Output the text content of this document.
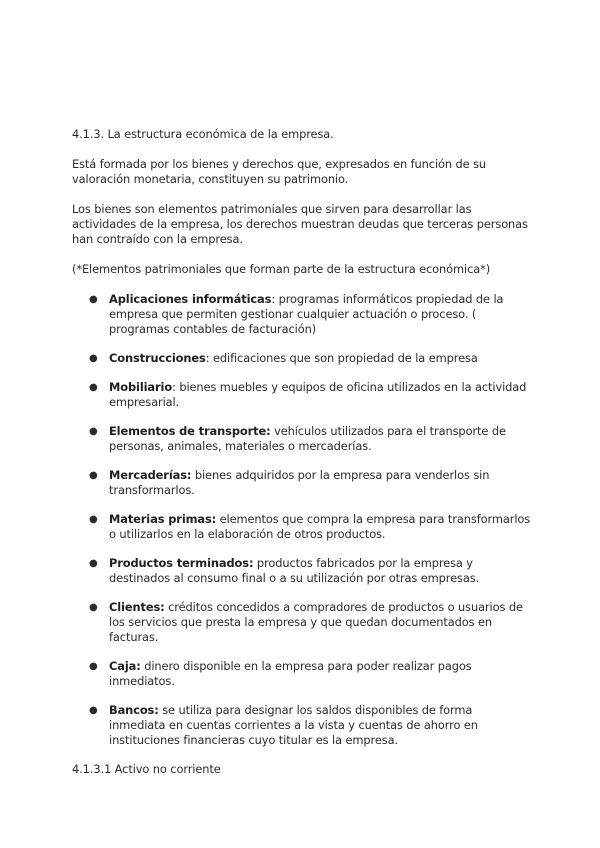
4.1.3. La estructura económica de la empresa.

Está formada por los bienes y derechos que, expresados en función de su valoración monetaria, constituyen su patrimonio.

Los bienes son elementos patrimoniales que sirven para desarrollar las actividades de la empresa, los derechos muestran deudas que terceras personas han contraído con la empresa.

(*Elementos patrimoniales que forman parte de la estructura económica*)

● Aplicaciones informáticas: programas informáticos propiedad de la empresa que permiten gestionar cualquier actuación o proceso. ( programas contables de facturación)
● Construcciones: edificaciones que son propiedad de la empresa
● Mobiliario: bienes muebles y equipos de oficina utilizados en la actividad empresarial.
● Elementos de transporte: vehículos utilizados para el transporte de personas, animales, materiales o mercaderías.
● Mercaderías: bienes adquiridos por la empresa para venderlos sin transformarlos.
● Materias primas: elementos que compra la empresa para transformarlos o utilizarlos en la elaboración de otros productos.
● Productos terminados: productos fabricados por la empresa y destinados al consumo final o a su utilización por otras empresas.
● Clientes: créditos concedidos a compradores de productos o usuarios de los servicios que presta la empresa y que quedan documentados en facturas.
● Caja: dinero disponible en la empresa para poder realizar pagos inmediatos.
● Bancos: se utiliza para designar los saldos disponibles de forma inmediata en cuentas corrientes a la vista y cuentas de ahorro en instituciones financieras cuyo titular es la empresa.

4.1.3.1 Activo no corriente
